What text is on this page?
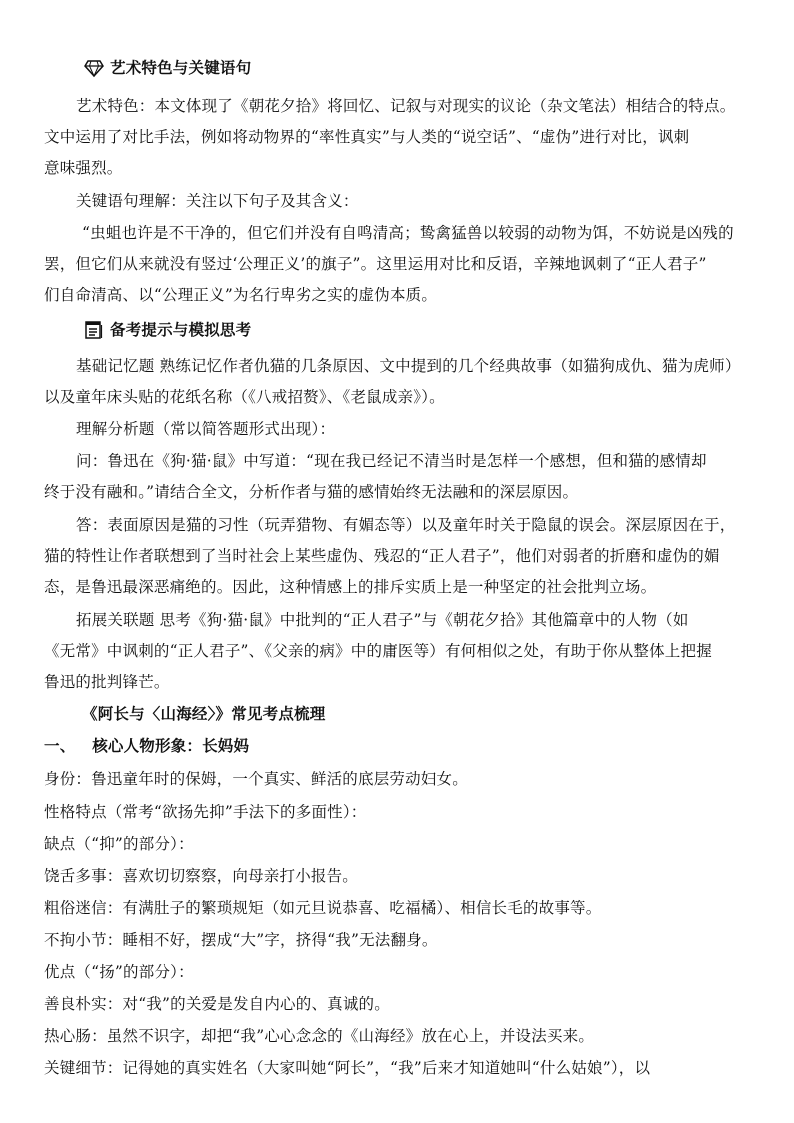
艺术特色与关键语句
艺术特色：本文体现了《朝花夕拾》将回忆、记叙与对现实的议论（杂文笔法）相结合的特点。
文中运用了对比手法，例如将动物界的“率性真实”与人类的“说空话”、“虚伪”进行对比，讽刺
意味强烈。
关键语句理解：关注以下句子及其含义：
“虫蛆也许是不干净的，但它们并没有自鸣清高；鸷禽猛兽以较弱的动物为饵，不妨说是凶残的
罢，但它们从来就没有竖过‘公理正义’的旗子”。这里运用对比和反语，辛辣地讽刺了“正人君子”
们自命清高、以“公理正义”为名行卑劣之实的虚伪本质。
备考提示与模拟思考
基础记忆题 熟练记忆作者仇猫的几条原因、文中提到的几个经典故事（如猫狗成仇、猫为虎师）
以及童年床头贴的花纸名称（《八戒招赘》、《老鼠成亲》）。
理解分析题（常以简答题形式出现）：
问：鲁迅在《狗·猫·鼠》中写道：“现在我已经记不清当时是怎样一个感想，但和猫的感情却
终于没有融和。”请结合全文，分析作者与猫的感情始终无法融和的深层原因。
答：表面原因是猫的习性（玩弄猎物、有媚态等）以及童年时关于隐鼠的误会。深层原因在于，
猫的特性让作者联想到了当时社会上某些虚伪、残忍的“正人君子”，他们对弱者的折磨和虚伪的媚
态，是鲁迅最深恶痛绝的。因此，这种情感上的排斥实质上是一种坚定的社会批判立场。
拓展关联题 思考《狗·猫·鼠》中批判的“正人君子”与《朝花夕拾》其他篇章中的人物（如
《无常》中讽刺的“正人君子”、《父亲的病》中的庸医等）有何相似之处，有助于你从整体上把握
鲁迅的批判锋芒。
《阿长与〈山海经〉》常见考点梳理
一、   核心人物形象：长妈妈
身份：鲁迅童年时的保姆，一个真实、鲜活的底层劳动妇女。
性格特点（常考“欲扬先抑”手法下的多面性）：
缺点（“抑”的部分）：
饶舌多事：喜欢切切察察，向母亲打小报告。
粗俗迷信：有满肚子的繁琐规矩（如元旦说恭喜、吃福橘）、相信长毛的故事等。
不拘小节：睡相不好，摆成“大”字，挤得“我”无法翻身。
优点（“扬”的部分）：
善良朴实：对“我”的关爱是发自内心的、真诚的。
热心肠：虽然不识字，却把“我”心心念念的《山海经》放在心上，并设法买来。
关键细节：记得她的真实姓名（大家叫她“阿长”，“我”后来才知道她叫“什么姑娘”），以
